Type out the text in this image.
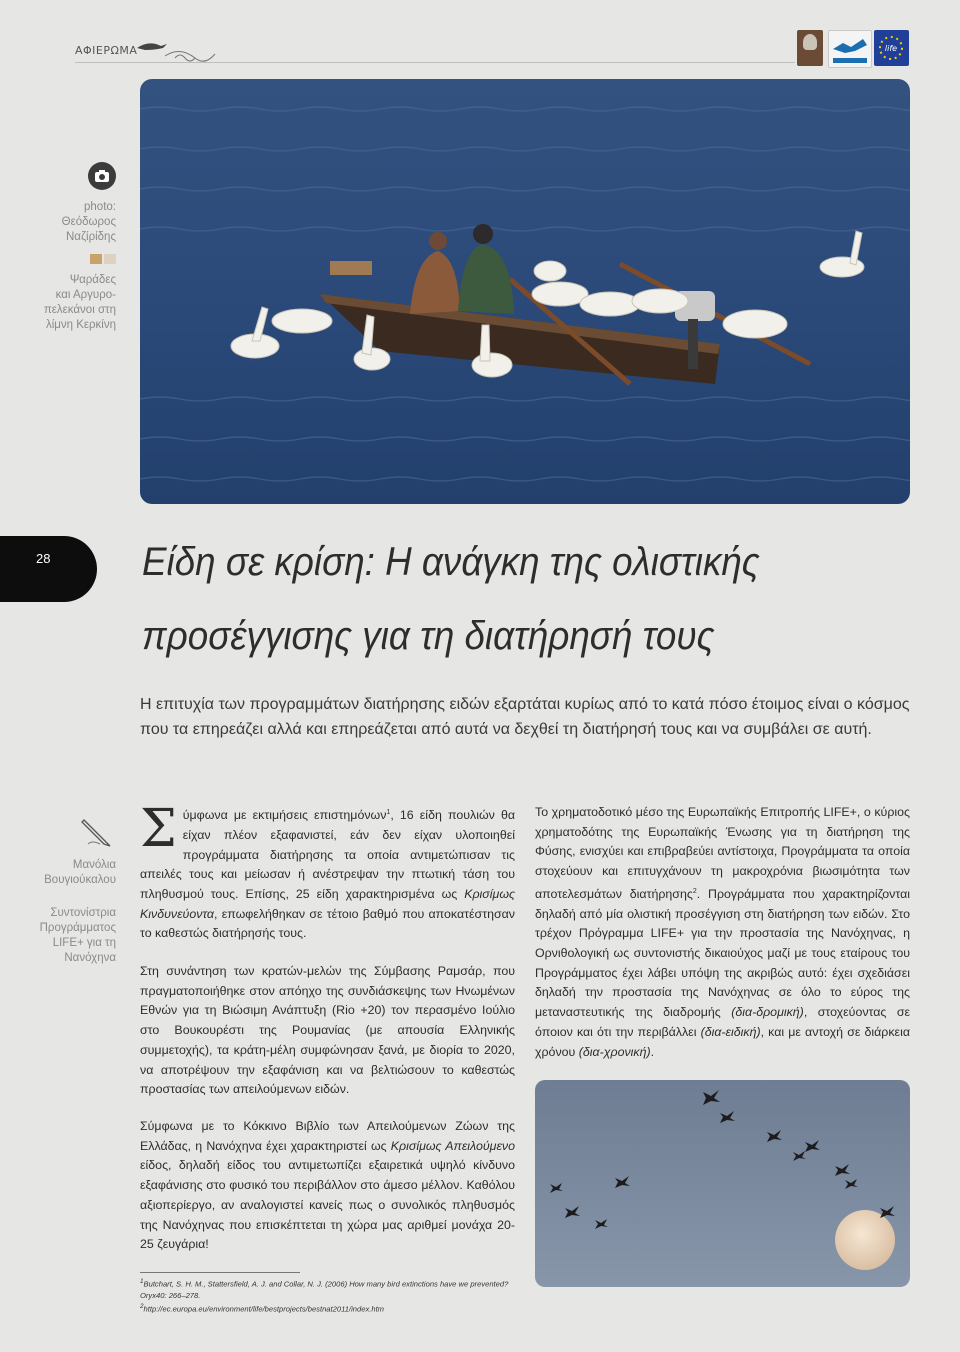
ΑΦΙΕΡΩΜΑ	life
photo:
Θεόδωρος
Ναζίρίδης
Ψαράδες
και Αργυρο-
πελεκάνοι στη
λίμνη Κερκίνη
Μανόλια
Βουγιούκαλου
Συντονίστρια
Προγράμματος
LIFE+ για τη
Νανόχηνα
28 Είδη σε κρίση: Η ανάγκη της ολιστικής
προσέγγισης για τη διατήρησή τους
Η επιτυχία των προγραμμάτων διατήρησης ειδών εξαρτάται κυρίως από το κατά πόσο έτοιμος είναι ο κόσμος που τα επηρεάζει αλλά και επηρεάζεται από αυτά να δεχθεί τη διατήρησή τους και να συμβάλει σε αυτή.

Σύμφωνα με εκτιμήσεις επιστημόνων$^1$, 16 είδη πουλιών θα είχαν πλέον εξαφανιστεί, εάν δεν είχαν υλοποιηθεί προγράμματα διατήρησης τα οποία αντιμετώπισαν τις απειλές τους και μείωσαν ή ανέστρεψαν την πτωτική τάση του πληθυσμού τους. Επίσης, 25 είδη χαρακτηρισμένα ως Κρισίμως Κινδυνεύοντα, επωφελήθηκαν σε τέτοιο βαθμό που αποκατέστησαν το καθεστώς διατήρησής τους.

Στη συνάντηση των κρατών-μελών της Σύμβασης Ραμσάρ, που πραγματοποιήθηκε στον απόηχο της συνδιάσκεψης των Ηνωμένων Εθνών για τη Βιώσιμη Ανάπτυξη (Rio +20) τον περασμένο Ιούλιο στο Βουκουρέστι της Ρουμανίας (με απουσία Ελληνικής συμμετοχής), τα κράτη-μέλη συμφώνησαν ξανά, με διορία το 2020, να αποτρέψουν την εξαφάνιση και να βελτιώσουν το καθεστώς προστασίας των απειλούμενων ειδών.

Σύμφωνα με το Κόκκινο Βιβλίο των Απειλούμενων Ζώων της Ελλάδας, η Νανόχηνα έχει χαρακτηριστεί ως Κρισίμως Απειλούμενο είδος, δηλαδή είδος του αντιμετωπίζει εξαιρετικά υψηλό κίνδυνο εξαφάνισης στο φυσικό του περιβάλλον στο άμεσο μέλλον. Καθόλου αξιοπερίεργο, αν αναλογιστεί κανείς πως ο συνολικός πληθυσμός της Νανόχηνας που επισκέπτεται τη χώρα μας αριθμεί μονάχα 20-25 ζευγάρια!

Το χρηματοδοτικό μέσο της Ευρωπαϊκής Επιτροπής LIFE+, ο κύριος χρηματοδότης της Ευρωπαϊκής Ένωσης για τη διατήρηση της Φύσης, ενισχύει και επιβραβεύει αντίστοιχα, Προγράμματα τα οποία στοχεύουν και επιτυγχάνουν τη μακροχρόνια βιωσιμότητα των αποτελεσμάτων διατήρησης$^2$. Προγράμματα που χαρακτηρίζονται δηλαδή από μία ολιστική προσέγγιση στη διατήρηση των ειδών. Στο τρέχον Πρόγραμμα LIFE+ για την προστασία της Νανόχηνας, η Ορνιθολογική ως συντονιστής δικαιούχος μαζί με τους εταίρους του Προγράμματος έχει λάβει υπόψη της ακριβώς αυτό: έχει σχεδιάσει δηλαδή την προστασία της Νανόχηνας σε όλο το εύρος της μεταναστευτικής της διαδρομής (δια-δρομική), στοχεύοντας σε όποιον και ότι την περιβάλλει (δια-ειδική), και με αντοχή σε διάρκεια χρόνου (δια-χρονική).

$^1$Butchart, S. H. M., Stattersfield, A. J. and Collar, N. J. (2006) How many bird extinctions have we prevented?
Oryx40: 266–278.
$^2$http://ec.europa.eu/environment/life/bestprojects/bestnat2011/index.htm
